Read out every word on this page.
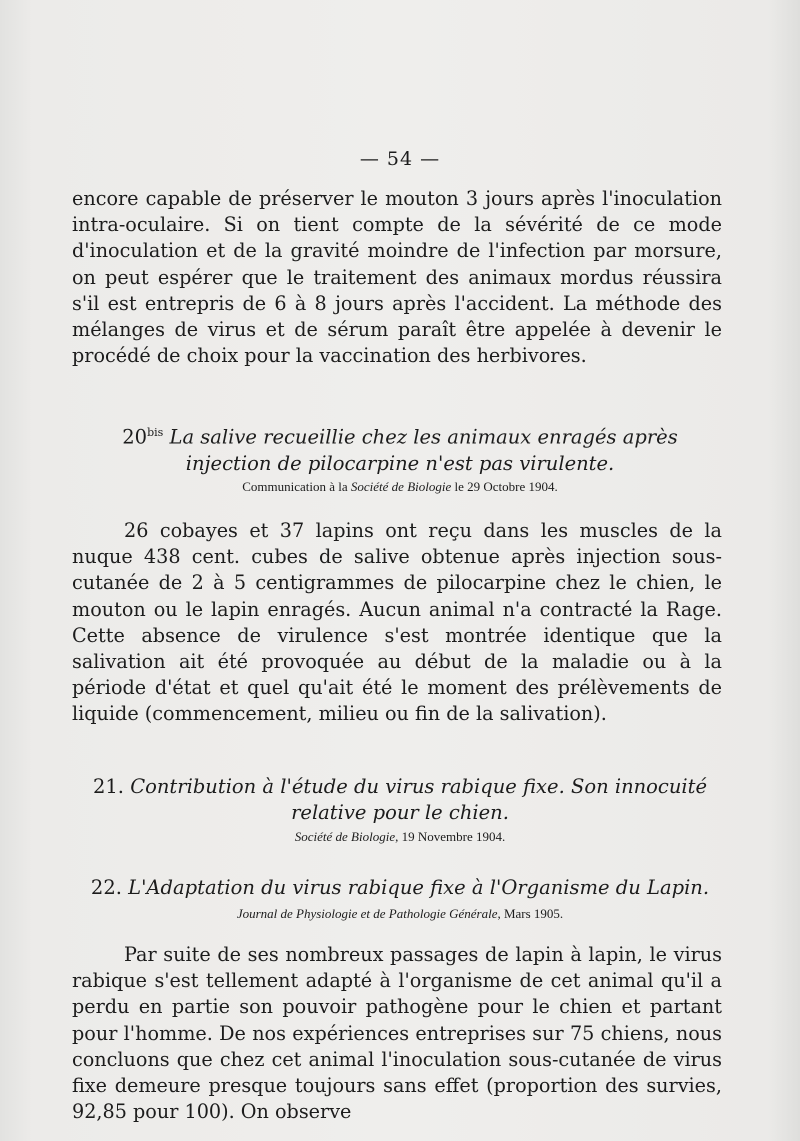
— 54 —

encore capable de préserver le mouton 3 jours après l'inoculation intra-oculaire. Si on tient compte de la sévérité de ce mode d'inoculation et de la gravité moindre de l'infection par morsure, on peut espérer que le traitement des animaux mordus réussira s'il est entrepris de 6 à 8 jours après l'accident. La méthode des mélanges de virus et de sérum paraît être appelée à devenir le procédé de choix pour la vaccination des herbivores.

$20^{bis}$ La salive recueillie chez les animaux enragés après injection de pilocarpine n'est pas virulente.
Communication à la Société de Biologie le 29 Octobre 1904.

26 cobayes et 37 lapins ont reçu dans les muscles de la nuque 438 cent. cubes de salive obtenue après injection sous-cutanée de 2 à 5 centigrammes de pilocarpine chez le chien, le mouton ou le lapin enragés. Aucun animal n'a contracté la Rage. Cette absence de virulence s'est montrée identique que la salivation ait été provoquée au début de la maladie ou à la période d'état et quel qu'ait été le moment des prélèvements de liquide (commencement, milieu ou fin de la salivation).

21. Contribution à l'étude du virus rabique fixe. Son innocuité relative pour le chien.
Société de Biologie, 19 Novembre 1904.
22. L'Adaptation du virus rabique fixe à l'Organisme du Lapin.
Journal de Physiologie et de Pathologie Générale, Mars 1905.

Par suite de ses nombreux passages de lapin à lapin, le virus rabique s'est tellement adapté à l'organisme de cet animal qu'il a perdu en partie son pouvoir pathogène pour le chien et partant pour l'homme. De nos expériences entreprises sur 75 chiens, nous concluons que chez cet animal l'inoculation sous-cutanée de virus fixe demeure presque toujours sans effet (proportion des survies, 92,85 pour 100). On observe
